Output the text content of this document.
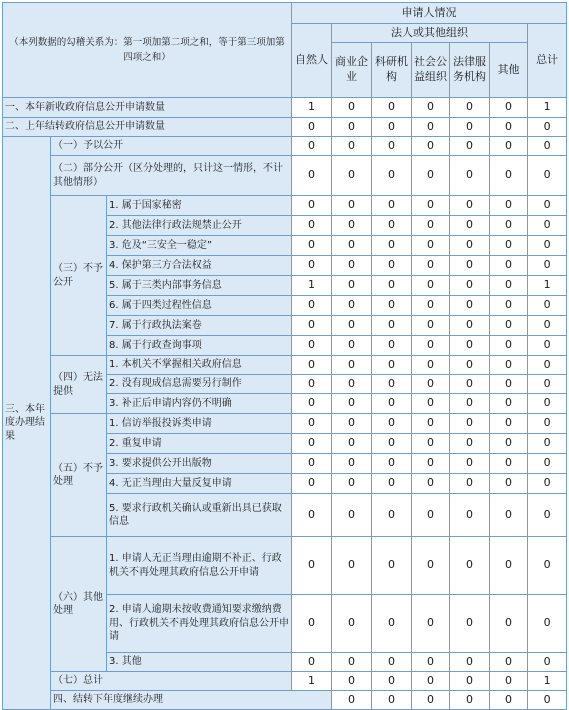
（本列数据的勾稽关系为：第一项加第二项之和，等于第三项加第四项之和）			申请人情况							
			自然人	法人或其他组织					总计	
				商业企业	科研机构	社会公益组织	法律服务机构	其他		
一、本年新收政府信息公开申请数量			1	0	0	0	0	0	1	
二、上年结转政府信息公开申请数量			0	0	0	0	0	0	0	
三、本年度办理结果	（一）予以公开		0	0	0	0	0	0	0	
	（二）部分公开（区分处理的，只计这一情形，不计其他情形）		0	0	0	0	0	0	0	
	（三）不予公开	1. 属于国家秘密	0	0	0	0	0	0	0	
		2. 其他法律行政法规禁止公开	0	0	0	0	0	0	0	
		3. 危及“三安全一稳定”	0	0	0	0	0	0	0	
		4. 保护第三方合法权益	0	0	0	0	0	0	0	
		5. 属于三类内部事务信息	1	0	0	0	0	0	1	
		6. 属于四类过程性信息	0	0	0	0	0	0	0	
		7. 属于行政执法案卷	0	0	0	0	0	0	0	
		8. 属于行政查询事项	0	0	0	0	0	0	0	
	（四）无法提供	1. 本机关不掌握相关政府信息	0	0	0	0	0	0	0	
		2. 没有现成信息需要另行制作	0	0	0	0	0	0	0	
		3. 补正后申请内容仍不明确	0	0	0	0	0	0	0	
	（五）不予处理	1. 信访举报投诉类申请	0	0	0	0	0	0	0	
		2. 重复申请	0	0	0	0	0	0	0	
		3. 要求提供公开出版物	0	0	0	0	0	0	0	
		4. 无正当理由大量反复申请	0	0	0	0	0	0	0	
		5. 要求行政机关确认或重新出具已获取信息	0	0	0	0	0	0	0	
	（六）其他处理	1. 申请人无正当理由逾期不补正、行政机关不再处理其政府信息公开申请	0	0	0	0	0	0	0	
		2. 申请人逾期未按收费通知要求缴纳费用、行政机关不再处理其政府信息公开申请	0	0	0	0	0	0	0	
		3. 其他	0	0	0	0	0	0	0	
	（七）总计		1	0	0	0	0	0	1	
	四、结转下年度继续办理			0	0	0	0	0	0	
